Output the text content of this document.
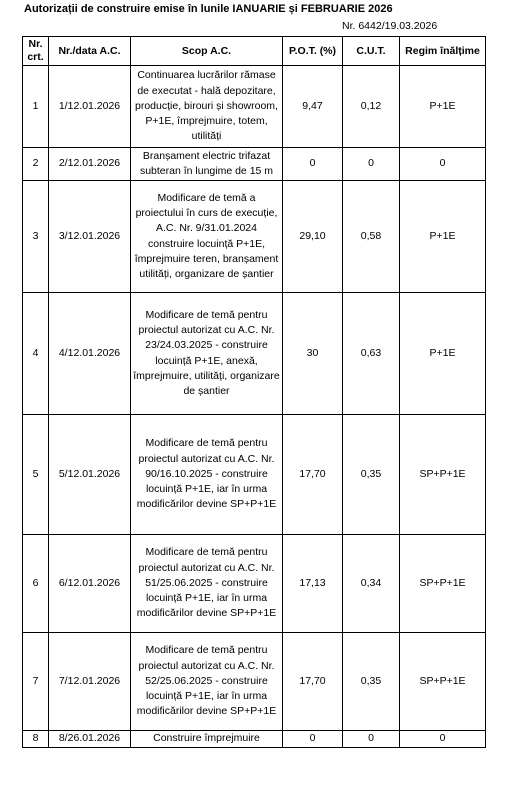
Autorizații de construire emise în lunile IANUARIE și FEBRUARIE 2026
Nr. 6442/19.03.2026
Nr. crt.	Nr./data A.C.	Scop A.C.	P.O.T. (%)	C.U.T.	Regim înălțime
1	1/12.01.2026	Continuarea lucrărilor rămase de executat - hală depozitare, producție, birouri și showroom, P+1E, împrejmuire, totem, utilități	9,47	0,12	P+1E
2	2/12.01.2026	Branșament electric trifazat subteran în lungime de 15 m	0	0	0
3	3/12.01.2026	Modificare de temă a proiectului în curs de execuție, A.C. Nr. 9/31.01.2024 construire locuință P+1E, împrejmuire teren, branșament utilități, organizare de șantier	29,10	0,58	P+1E
4	4/12.01.2026	Modificare de temă pentru proiectul autorizat cu A.C. Nr. 23/24.03.2025 - construire locuință P+1E, anexă, împrejmuire, utilități, organizare de șantier	30	0,63	P+1E
5	5/12.01.2026	Modificare de temă pentru proiectul autorizat cu A.C. Nr. 90/16.10.2025 - construire locuință P+1E, iar în urma modificărilor devine SP+P+1E	17,70	0,35	SP+P+1E
6	6/12.01.2026	Modificare de temă pentru proiectul autorizat cu A.C. Nr. 51/25.06.2025 - construire locuință P+1E, iar în urma modificărilor devine SP+P+1E	17,13	0,34	SP+P+1E
7	7/12.01.2026	Modificare de temă pentru proiectul autorizat cu A.C. Nr. 52/25.06.2025 - construire locuință P+1E, iar în urma modificărilor devine SP+P+1E	17,70	0,35	SP+P+1E
8	8/26.01.2026	Construire împrejmuire	0	0	0
